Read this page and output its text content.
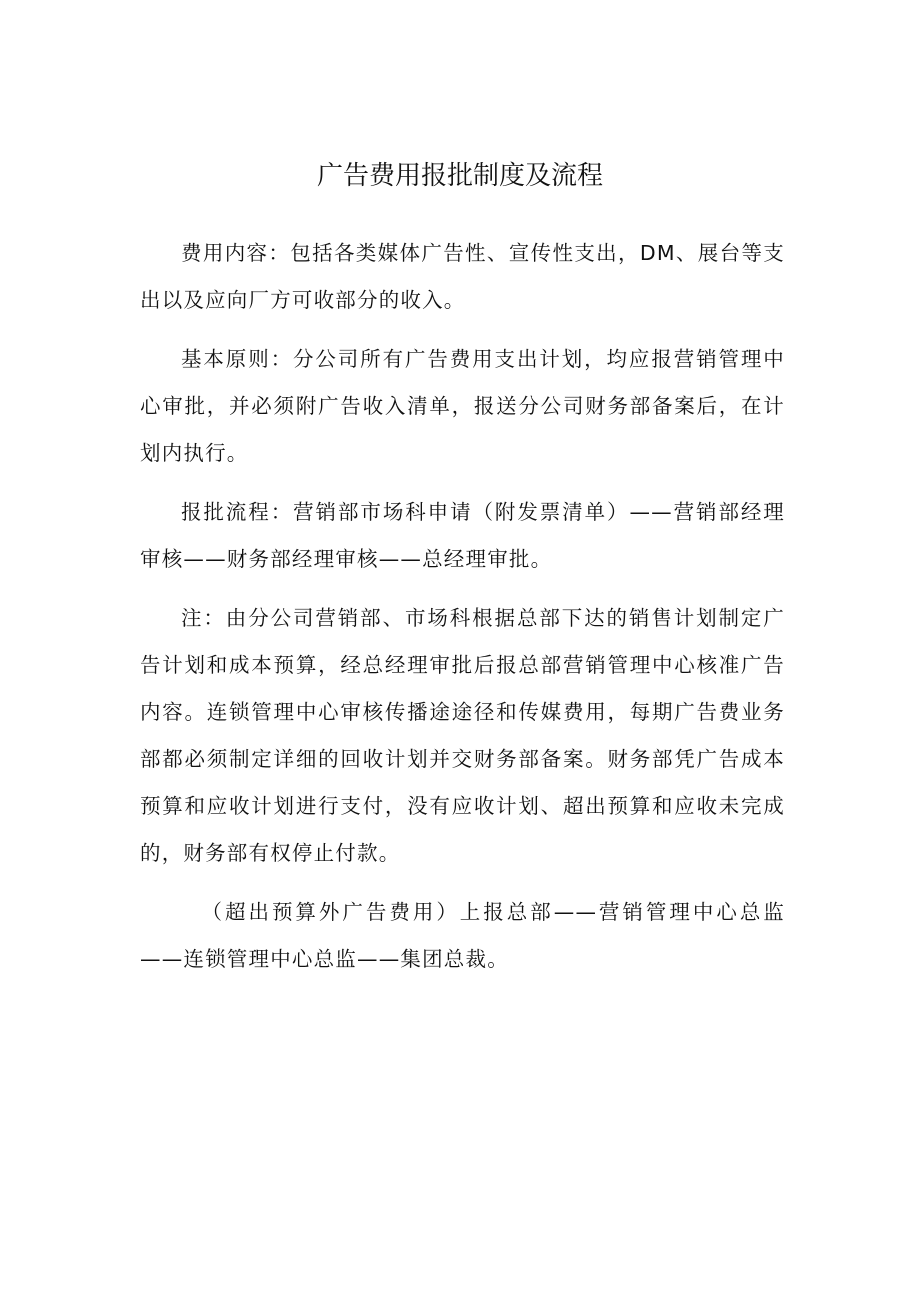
广告费用报批制度及流程

费用内容：包括各类媒体广告性、宣传性支出，DM、展台等支出以及应向厂方可收部分的收入。

基本原则：分公司所有广告费用支出计划，均应报营销管理中心审批，并必须附广告收入清单，报送分公司财务部备案后，在计划内执行。

报批流程：营销部市场科申请（附发票清单）——营销部经理审核——财务部经理审核——总经理审批。

注：由分公司营销部、市场科根据总部下达的销售计划制定广告计划和成本预算，经总经理审批后报总部营销管理中心核准广告内容。连锁管理中心审核传播途途径和传媒费用，每期广告费业务部都必须制定详细的回收计划并交财务部备案。财务部凭广告成本预算和应收计划进行支付，没有应收计划、超出预算和应收未完成的，财务部有权停止付款。

（超出预算外广告费用）上报总部——营销管理中心总监——连锁管理中心总监——集团总裁。
